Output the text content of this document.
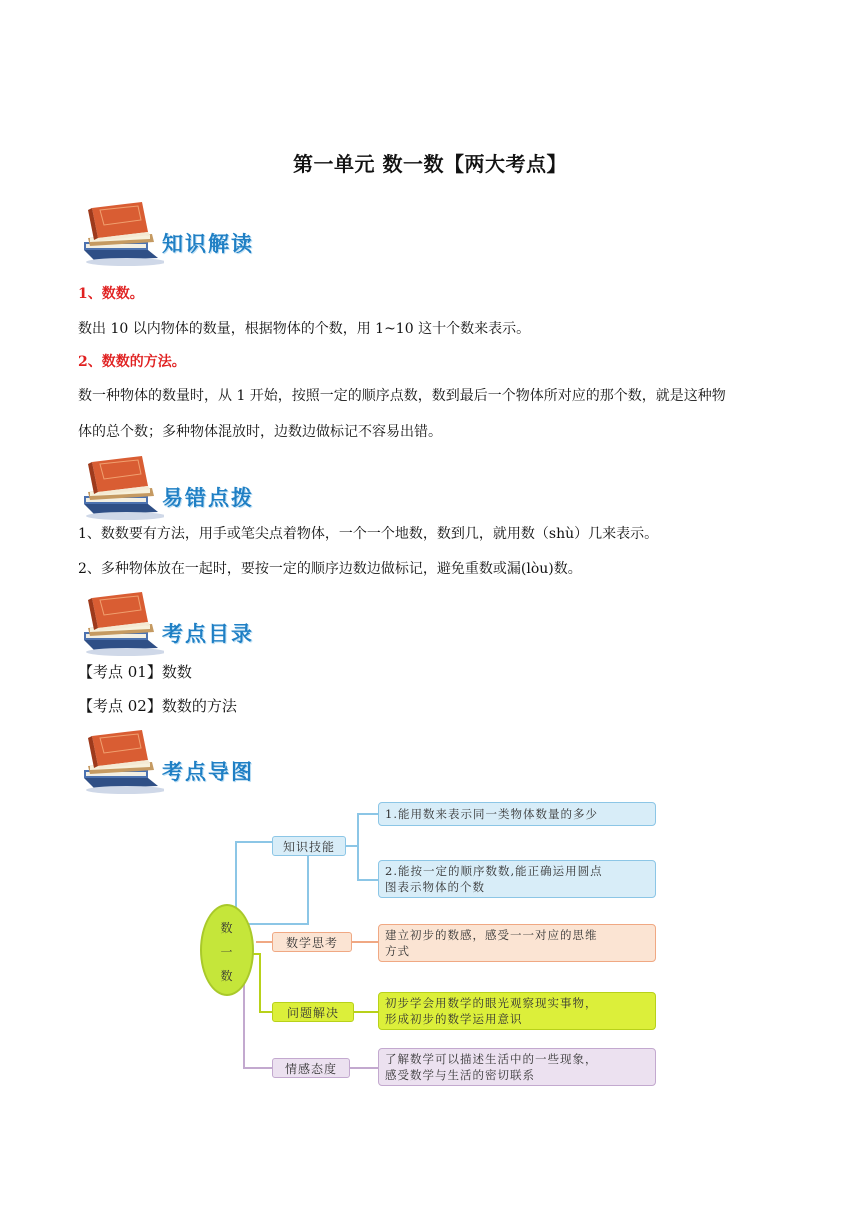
第一单元 数一数【两大考点】
知识解读
1、数数。
数出 10 以内物体的数量，根据物体的个数，用 1~10 这十个数来表示。
2、数数的方法。
数一种物体的数量时，从 1 开始，按照一定的顺序点数，数到最后一个物体所对应的那个数，就是这种物
体的总个数；多种物体混放时，边数边做标记不容易出错。
易错点拨
1、数数要有方法，用手或笔尖点着物体，一个一个地数，数到几，就用数（shù）几来表示。
2、多种物体放在一起时，要按一定的顺序边数边做标记，避免重数或漏(lòu)数。
考点目录
【考点 01】数数
【考点 02】数数的方法
考点导图
数
一
数
知识技能
数学思考
问题解决
情感态度
1.能用数来表示同一类物体数量的多少
2.能按一定的顺序数数,能正确运用圆点
图表示物体的个数
建立初步的数感，感受一一对应的思维
方式
初步学会用数学的眼光观察现实事物，
形成初步的数学运用意识
了解数学可以描述生活中的一些现象，
感受数学与生活的密切联系
